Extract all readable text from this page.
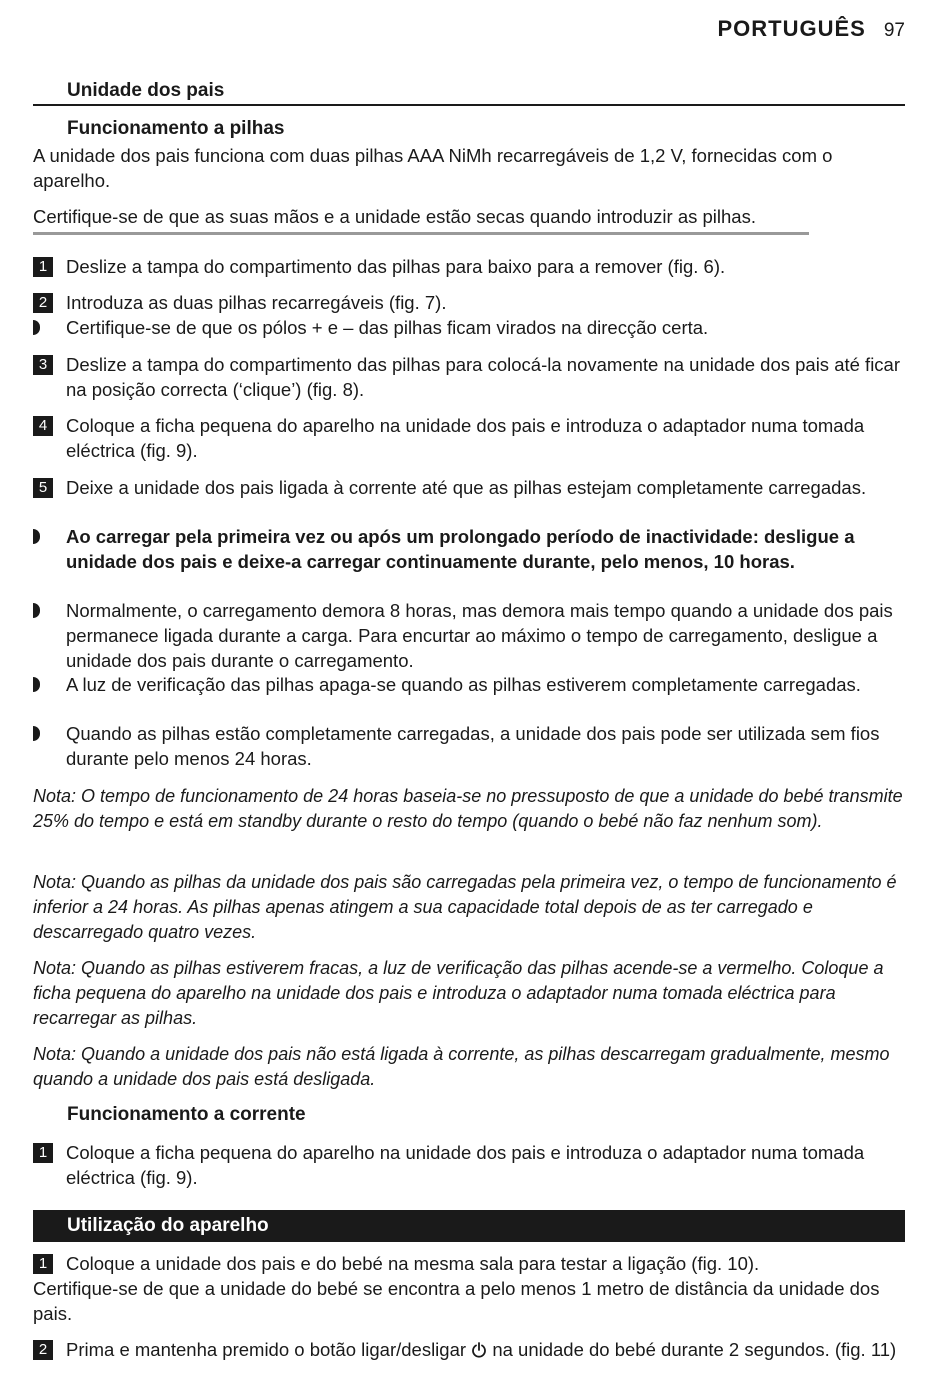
PORTUGUÊS 97
Unidade dos pais
Funcionamento a pilhas
A unidade dos pais funciona com duas pilhas AAA NiMh recarregáveis de 1,2 V, fornecidas com o aparelho.
Certifique-se de que as suas mãos e a unidade estão secas quando introduzir as pilhas.
1	Deslize a tampa do compartimento das pilhas para baixo para a remover (fig. 6).
2	Introduza as duas pilhas recarregáveis (fig. 7).
Certifique-se de que os pólos + e – das pilhas ficam virados na direcção certa.
3	Deslize a tampa do compartimento das pilhas para colocá-la novamente na unidade dos pais até ficar na posição correcta (‘clique’) (fig. 8).
4	Coloque a ficha pequena do aparelho na unidade dos pais e introduza o adaptador numa tomada eléctrica (fig. 9).
5	Deixe a unidade dos pais ligada à corrente até que as pilhas estejam completamente carregadas.
Ao carregar pela primeira vez ou após um prolongado período de inactividade: desligue a unidade dos pais e deixe-a carregar continuamente durante, pelo menos, 10 horas.
Normalmente, o carregamento demora 8 horas, mas demora mais tempo quando a unidade dos pais permanece ligada durante a carga. Para encurtar ao máximo o tempo de carregamento, desligue a unidade dos pais durante o carregamento.
A luz de verificação das pilhas apaga-se quando as pilhas estiverem completamente carregadas.
Quando as pilhas estão completamente carregadas, a unidade dos pais pode ser utilizada sem fios durante pelo menos 24 horas.
Nota: O tempo de funcionamento de 24 horas baseia-se no pressuposto de que a unidade do bebé transmite 25% do tempo e está em standby durante o resto do tempo (quando o bebé não faz nenhum som).
Nota: Quando as pilhas da unidade dos pais são carregadas pela primeira vez, o tempo de funcionamento é inferior a 24 horas. As pilhas apenas atingem a sua capacidade total depois de as ter carregado e descarregado quatro vezes.
Nota: Quando as pilhas estiverem fracas, a luz de verificação das pilhas acende-se a vermelho. Coloque a ficha pequena do aparelho na unidade dos pais e introduza o adaptador numa tomada eléctrica para recarregar as pilhas.
Nota: Quando a unidade dos pais não está ligada à corrente, as pilhas descarregam gradualmente, mesmo quando a unidade dos pais está desligada.
Funcionamento a corrente
1	Coloque a ficha pequena do aparelho na unidade dos pais e introduza o adaptador numa tomada eléctrica (fig. 9).
Utilização do aparelho
1	Coloque a unidade dos pais e do bebé na mesma sala para testar a ligação (fig. 10).
Certifique-se de que a unidade do bebé se encontra a pelo menos 1 metro de distância da unidade dos pais.
2	Prima e mantenha premido o botão ligar/desligar na unidade do bebé durante 2 segundos. (fig. 11)
